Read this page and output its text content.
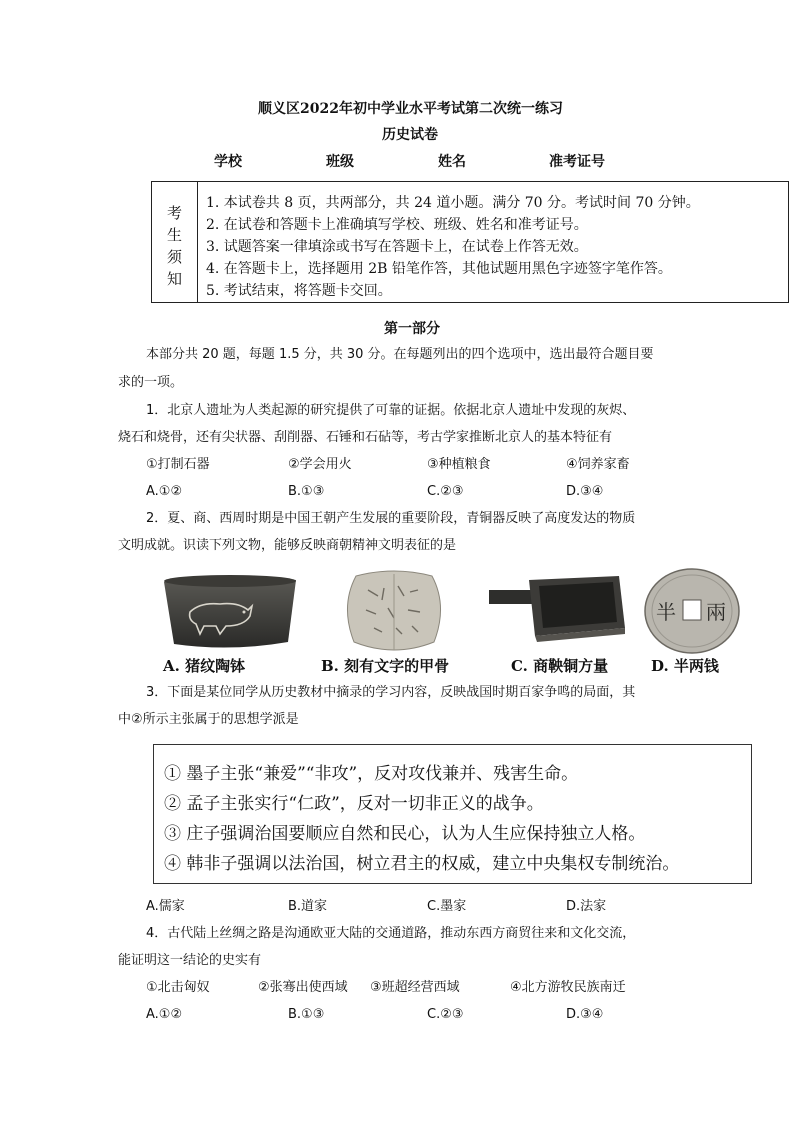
顺义区2022年初中学业水平考试第二次统一练习
历史试卷
学校	班级	姓名	准考证号
考
生
须
知
1. 本试卷共 8 页，共两部分，共 24 道小题。满分 70 分。考试时间 70 分钟。
2. 在试卷和答题卡上准确填写学校、班级、姓名和准考证号。
3. 试题答案一律填涂或书写在答题卡上，在试卷上作答无效。
4. 在答题卡上，选择题用 2B 铅笔作答，其他试题用黑色字迹签字笔作答。
5. 考试结束，将答题卡交回。
第一部分
本部分共 20 题，每题 1.5 分，共 30 分。在每题列出的四个选项中，选出最符合题目要
求的一项。
1．北京人遗址为人类起源的研究提供了可靠的证据。依据北京人遗址中发现的灰烬、
烧石和烧骨，还有尖状器、刮削器、石锤和石砧等，考古学家推断北京人的基本特征有
①打制石器	②学会用火	③种植粮食	④饲养家畜
A.①②	B.①③	C.②③	D.③④
2．夏、商、西周时期是中国王朝产生发展的重要阶段，青铜器反映了高度发达的物质
文明成就。识读下列文物，能够反映商朝精神文明表征的是
半 兩
A. 猪纹陶钵	B. 刻有文字的甲骨	C. 商鞅铜方量	D. 半两钱
3．下面是某位同学从历史教材中摘录的学习内容，反映战国时期百家争鸣的局面，其
中②所示主张属于的思想学派是
① 墨子主张“兼爱”“非攻”，反对攻伐兼并、残害生命。
② 孟子主张实行“仁政”，反对一切非正义的战争。
③ 庄子强调治国要顺应自然和民心，认为人生应保持独立人格。
④ 韩非子强调以法治国，树立君主的权威，建立中央集权专制统治。
A.儒家	B.道家	C.墨家	D.法家
4．古代陆上丝绸之路是沟通欧亚大陆的交通道路，推动东西方商贸往来和文化交流，
能证明这一结论的史实有
①北击匈奴	②张骞出使西域 ③班超经营西域	④北方游牧民族南迁
A.①②	B.①③	C.②③	D.③④
